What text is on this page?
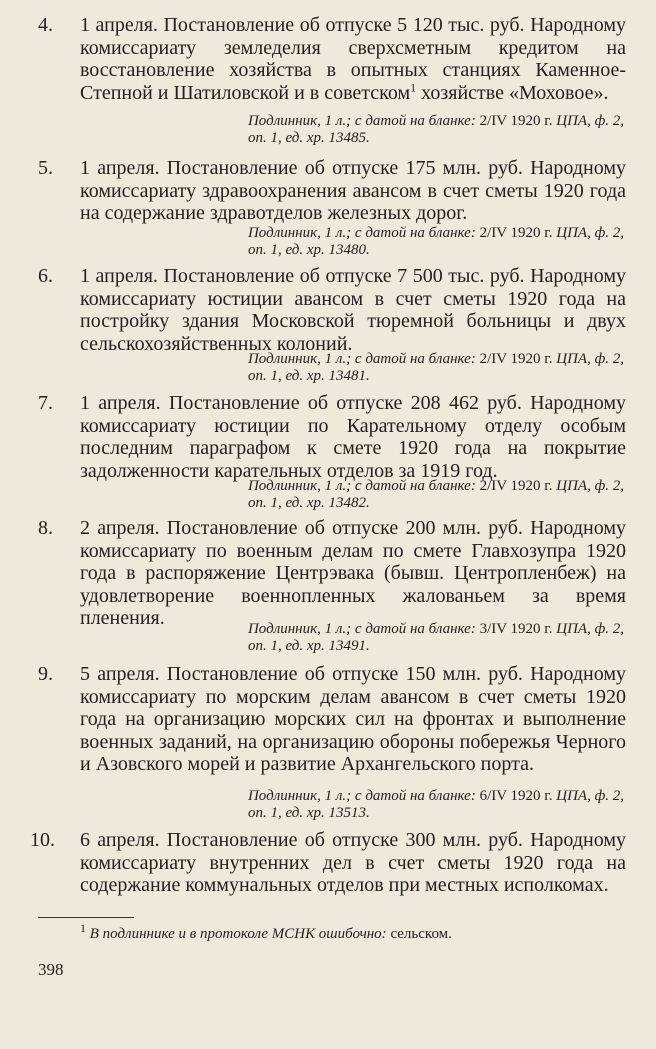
4. 1 апреля. Постановление об отпуске 5 120 тыс. руб. Народному комиссариату земледелия сверхсметным кредитом на восстановление хозяйства в опытных станциях Каменное-Степной и Шатиловской и в советском$^1$ хозяйстве «Моховое».
Подлинник, 1 л.; с датой на бланке: 2/IV 1920 г. ЦПА, ф. 2,
оп. 1, ед. хр. 13485.
5. 1 апреля. Постановление об отпуске 175 млн. руб. Народному комиссариату здравоохранения авансом в счет сметы 1920 года на содержание здравотделов железных дорог.
Подлинник, 1 л.; с датой на бланке: 2/IV 1920 г. ЦПА, ф. 2,
оп. 1, ед. хр. 13480.
6. 1 апреля. Постановление об отпуске 7 500 тыс. руб. Народному комиссариату юстиции авансом в счет сметы 1920 года на постройку здания Московской тюремной больницы и двух сельскохозяйственных колоний.
Подлинник, 1 л.; с датой на бланке: 2/IV 1920 г. ЦПА, ф. 2,
оп. 1, ед. хр. 13481.
7. 1 апреля. Постановление об отпуске 208 462 руб. Народному комиссариату юстиции по Карательному отделу особым последним параграфом к смете 1920 года на покрытие задолженности карательных отделов за 1919 год.
Подлинник, 1 л.; с датой на бланке: 2/IV 1920 г. ЦПА, ф. 2,
оп. 1, ед. хр. 13482.
8. 2 апреля. Постановление об отпуске 200 млн. руб. Народному комиссариату по военным делам по смете Главхозупра 1920 года в распоряжение Центрэвака (бывш. Центропленбеж) на удовлетворение военнопленных жалованьем за время пленения.	Подлинник, 1 л.; с датой на бланке: 3/IV 1920 г. ЦПА, ф. 2,
оп. 1, ед. хр. 13491.
9. 5 апреля. Постановление об отпуске 150 млн. руб. Народному комиссариату по морским делам авансом в счет сметы 1920 года на организацию морских сил на фронтах и выполнение военных заданий, на организацию обороны побережья Черного и Азовского морей и развитие Архангельского порта.
Подлинник, 1 л.; с датой на бланке: 6/IV 1920 г. ЦПА, ф. 2,
оп. 1, ед. хр. 13513.
10. 6 апреля. Постановление об отпуске 300 млн. руб. Народному комиссариату внутренних дел в счет сметы 1920 года на содержание коммунальных отделов при местных исполкомах.
$^1$ В подлиннике и в протоколе МСНК ошибочно: сельском.
398
